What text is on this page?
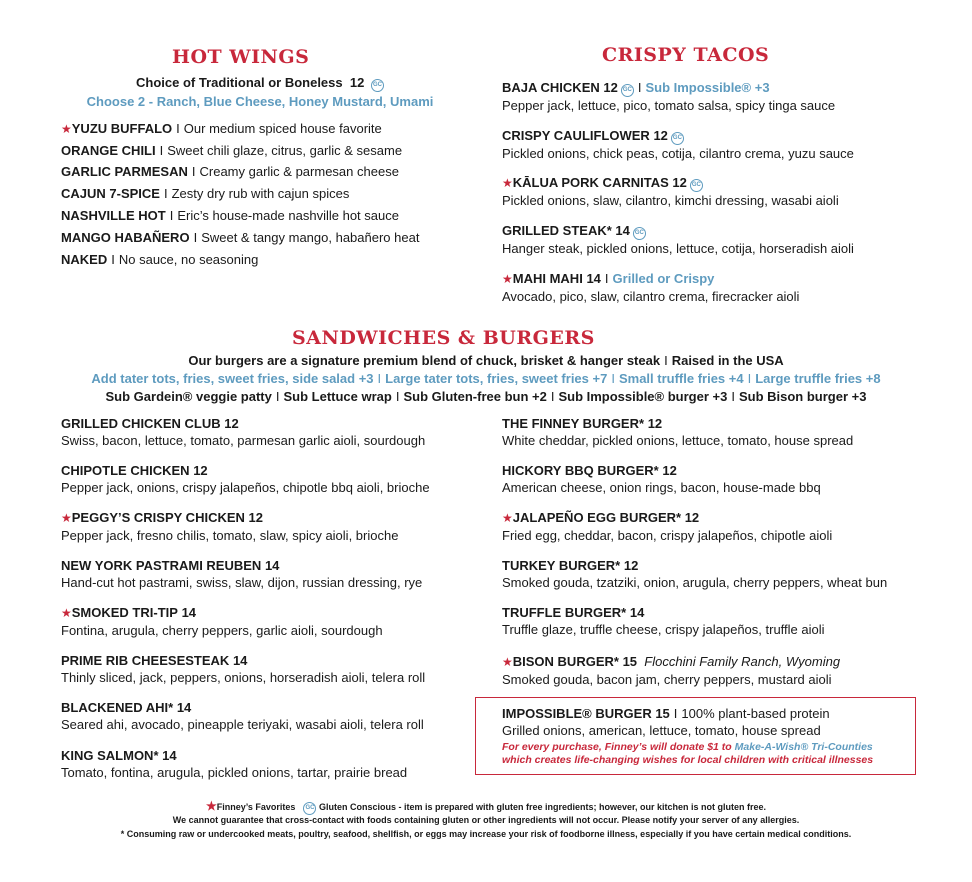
HOT WINGS
Choice of Traditional or Boneless 12 GC
Choose 2 - Ranch, Blue Cheese, Honey Mustard, Umami
★YUZU BUFFALO I Our medium spiced house favorite
ORANGE CHILI I Sweet chili glaze, citrus, garlic & sesame
GARLIC PARMESAN I Creamy garlic & parmesan cheese
CAJUN 7-SPICE I Zesty dry rub with cajun spices
NASHVILLE HOT I Eric’s house-made nashville hot sauce
MANGO HABAÑERO I Sweet & tangy mango, habañero heat
NAKED I No sauce, no seasoning
CRISPY TACOS
BAJA CHICKEN 12 GC I Sub Impossible® +3
Pepper jack, lettuce, pico, tomato salsa, spicy tinga sauce
CRISPY CAULIFLOWER 12 GC
Pickled onions, chick peas, cotija, cilantro crema, yuzu sauce
★KĀLUA PORK CARNITAS 12 GC
Pickled onions, slaw, cilantro, kimchi dressing, wasabi aioli
GRILLED STEAK* 14 GC
Hanger steak, pickled onions, lettuce, cotija, horseradish aioli
★MAHI MAHI 14 I Grilled or Crispy
Avocado, pico, slaw, cilantro crema, firecracker aioli
SANDWICHES & BURGERS
Our burgers are a signature premium blend of chuck, brisket & hanger steak I Raised in the USA
Add tater tots, fries, sweet fries, side salad +3 I Large tater tots, fries, sweet fries +7 I Small truffle fries +4 I Large truffle fries +8
Sub Gardein® veggie patty I Sub Lettuce wrap I Sub Gluten-free bun +2 I Sub Impossible® burger +3 I Sub Bison burger +3
GRILLED CHICKEN CLUB 12
Swiss, bacon, lettuce, tomato, parmesan garlic aioli, sourdough
CHIPOTLE CHICKEN 12
Pepper jack, onions, crispy jalapeños, chipotle bbq aioli, brioche
★PEGGY’S CRISPY CHICKEN 12
Pepper jack, fresno chilis, tomato, slaw, spicy aioli, brioche
NEW YORK PASTRAMI REUBEN 14
Hand-cut hot pastrami, swiss, slaw, dijon, russian dressing, rye
★SMOKED TRI-TIP 14
Fontina, arugula, cherry peppers, garlic aioli, sourdough
PRIME RIB CHEESESTEAK 14
Thinly sliced, jack, peppers, onions, horseradish aioli, telera roll
BLACKENED AHI* 14
Seared ahi, avocado, pineapple teriyaki, wasabi aioli, telera roll
KING SALMON* 14
Tomato, fontina, arugula, pickled onions, tartar, prairie bread
THE FINNEY BURGER* 12
White cheddar, pickled onions, lettuce, tomato, house spread
HICKORY BBQ BURGER* 12
American cheese, onion rings, bacon, house-made bbq
★JALAPEÑO EGG BURGER* 12
Fried egg, cheddar, bacon, crispy jalapeños, chipotle aioli
TURKEY BURGER* 12
Smoked gouda, tzatziki, onion, arugula, cherry peppers, wheat bun
TRUFFLE BURGER* 14
Truffle glaze, truffle cheese, crispy jalapeños, truffle aioli
★BISON BURGER* 15 Flocchini Family Ranch, Wyoming
Smoked gouda, bacon jam, cherry peppers, mustard aioli
IMPOSSIBLE® BURGER 15 I 100% plant-based protein
Grilled onions, american, lettuce, tomato, house spread
For every purchase, Finney’s will donate $1 to Make-A-Wish® Tri-Counties
which creates life-changing wishes for local children with critical illnesses
★Finney’s Favorites GC Gluten Conscious - item is prepared with gluten free ingredients; however, our kitchen is not gluten free.
We cannot guarantee that cross-contact with foods containing gluten or other ingredients will not occur. Please notify your server of any allergies.
* Consuming raw or undercooked meats, poultry, seafood, shellfish, or eggs may increase your risk of foodborne illness, especially if you have certain medical conditions.
